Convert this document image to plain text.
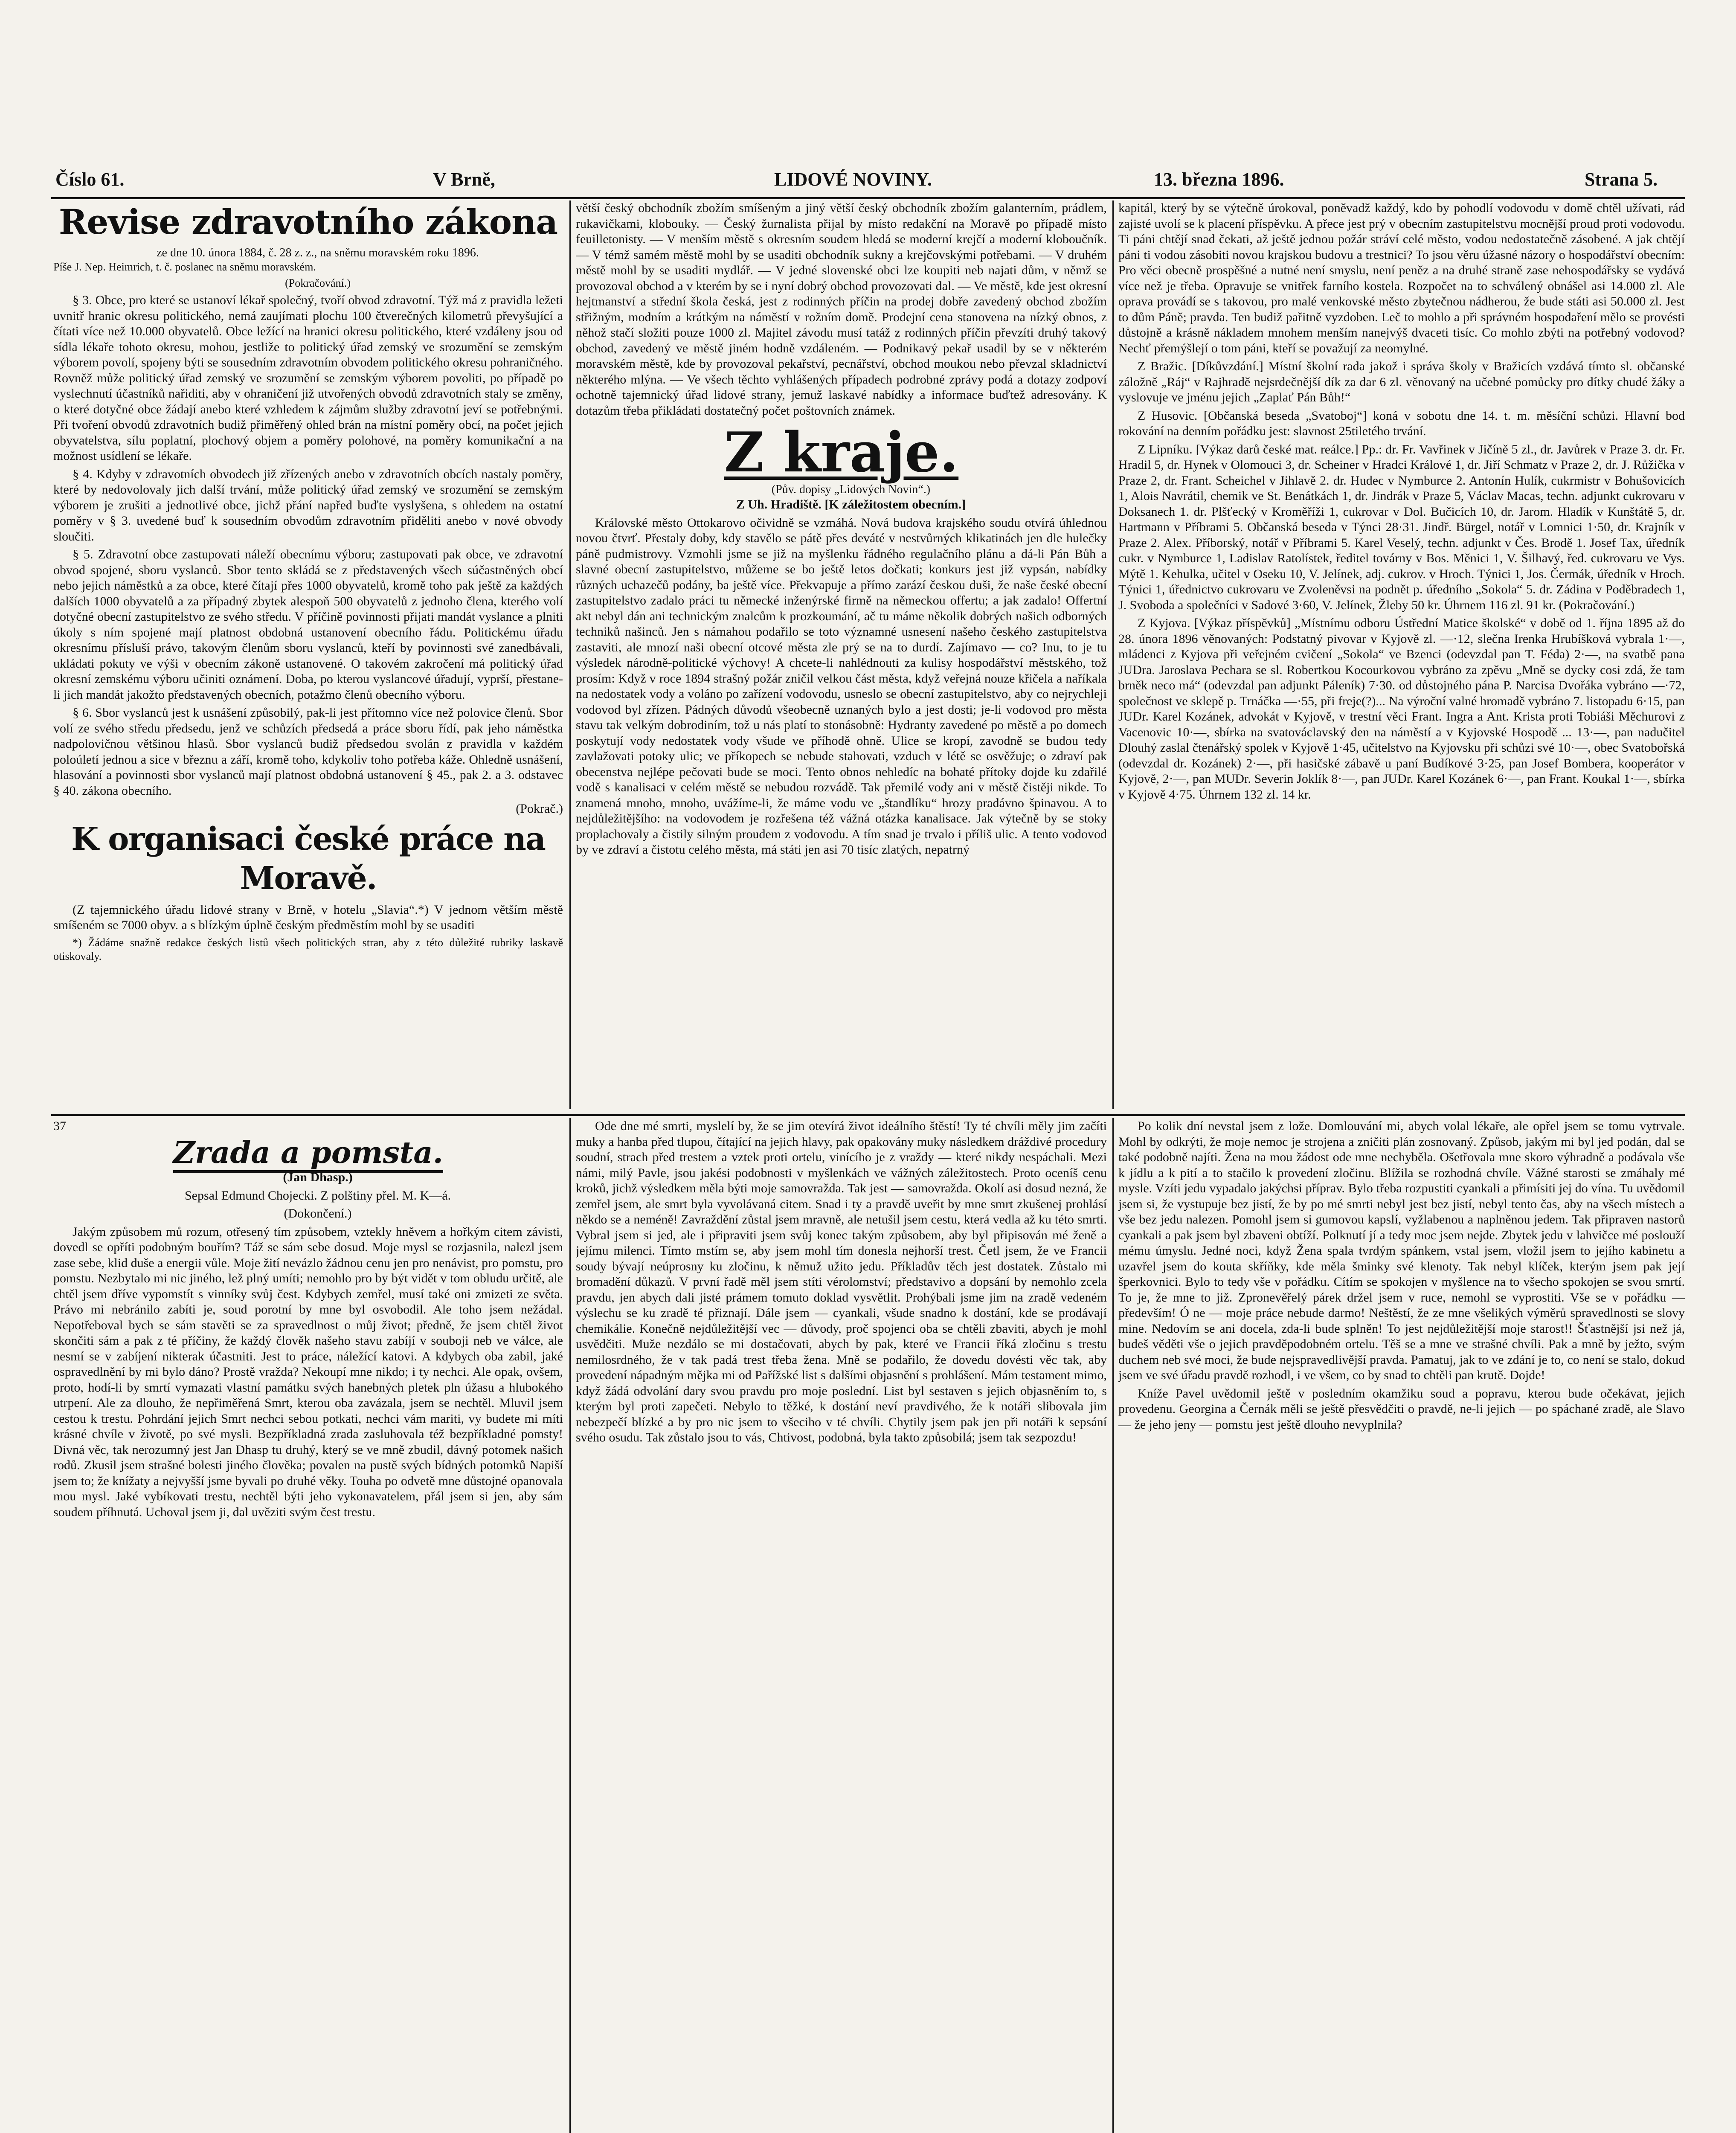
Číslo 61.	V Brně,	LIDOVÉ NOVINY.	13. března 1896.	Strana 5.
Revise zdravotního zákona

ze dne 10. února 1884, č. 28 z. z., na sněmu moravském roku 1896.

Píše J. Nep. Heimrich, t. č. poslanec na sněmu moravském.

(Pokračování.)

§ 3. Obce, pro které se ustanoví lékař společný, tvoří obvod zdravotní. Týž má z pravidla ležeti uvnitř hranic okresu politického, nemá zaujímati plochu 100 čtverečných kilometrů převyšující a čítati více než 10.000 obyvatelů. Obce ležící na hranici okresu politického, které vzdáleny jsou od sídla lékaře tohoto okresu, mohou, jestliže to politický úřad zemský ve srozumění se zemským výborem povolí, spojeny býti se sousedním zdravotním obvodem politického okresu pohraničného. Rovněž může politický úřad zemský ve srozumění se zemským výborem povoliti, po případě po vyslechnutí účastníků nařiditi, aby v ohraničení již utvořených obvodů zdravotních staly se změny, o které dotyčné obce žádají anebo které vzhledem k zájmům služby zdravotní jeví se potřebnými. Při tvoření obvodů zdravotních budiž přiměřený ohled brán na místní poměry obcí, na počet jejich obyvatelstva, sílu poplatní, plochový objem a poměry polohové, na poměry komunikační a na možnost usídlení se lékaře.

§ 4. Kdyby v zdravotních obvodech již zřízených anebo v zdravotních obcích nastaly poměry, které by nedovolovaly jich další trvání, může politický úřad zemský ve srozumění se zemským výborem je zrušiti a jednotlivé obce, jichž přání napřed buďte vyslyšena, s ohledem na ostatní poměry v § 3. uvedené buď k sousedním obvodům zdravotním přiděliti anebo v nové obvody sloučiti.

§ 5. Zdravotní obce zastupovati náleží obecnímu výboru; zastupovati pak obce, ve zdravotní obvod spojené, sboru vyslanců. Sbor tento skládá se z představených všech súčastněných obcí nebo jejich náměstků a za obce, které čítají přes 1000 obyvatelů, kromě toho pak ještě za každých dalších 1000 obyvatelů a za případný zbytek alespoň 500 obyvatelů z jednoho člena, kterého volí dotyčné obecní zastupitelstvo ze svého středu. V příčině povinnosti přijati mandát vyslance a plniti úkoly s ním spojené mají platnost obdobná ustanovení obecního řádu. Politickému úřadu okresnímu přísluší právo, takovým členům sboru vyslanců, kteří by povinnosti své zanedbávali, ukládati pokuty ve výši v obecním zákoně ustanovené. O takovém zakročení má politický úřad okresní zemskému výboru učiniti oznámení. Doba, po kterou vyslancové úřadují, vyprší, přestane-li jich mandát jakožto představených obecních, potažmo členů obecního výboru.

§ 6. Sbor vyslanců jest k usnášení způsobilý, pak-li jest přítomno více než polovice členů. Sbor volí ze svého středu předsedu, jenž ve schůzích předsedá a práce sboru řídí, pak jeho náměstka nadpolovičnou většinou hlasů. Sbor vyslanců budiž předsedou svolán z pravidla v každém poloúletí jednou a sice v březnu a září, kromě toho, kdykoliv toho potřeba káže. Ohledně usnášení, hlasování a povinnosti sbor vyslanců mají platnost obdobná ustanovení § 45., pak 2. a 3. odstavec § 40. zákona obecního.

(Pokrač.)

K organisaci české práce na Moravě.

(Z tajemnického úřadu lidové strany v Brně, v hotelu „Slavia“.*) V jednom větším městě smíšeném se 7000 obyv. a s blízkým úplně českým předměstím mohl by se usaditi

*) Žádáme snažně redakce českých listů všech politických stran, aby z této důležité rubriky laskavě otiskovaly.

větší český obchodník zbožím smíšeným a jiný větší český obchodník zbožím galanterním, prádlem, rukavičkami, klobouky. — Český žurnalista přijal by místo redakční na Moravě po případě místo feuilletonisty. — V menším městě s okresním soudem hledá se moderní krejčí a moderní kloboučník. — V témž samém městě mohl by se usaditi obchodník sukny a krejčovskými potřebami. — V druhém městě mohl by se usaditi mydlář. — V jedné slovenské obci lze koupiti neb najati dům, v němž se provozoval obchod a v kterém by se i nyní dobrý obchod provozovati dal. — Ve městě, kde jest okresní hejtmanství a střední škola česká, jest z rodinných příčin na prodej dobře zavedený obchod zbožím střižným, modním a krátkým na náměstí v rožním domě. Prodejní cena stanovena na nízký obnos, z něhož stačí složiti pouze 1000 zl. Majitel závodu musí tatáž z rodinných příčin převzíti druhý takový obchod, zavedený ve městě jiném hodně vzdáleném. — Podnikavý pekař usadil by se v některém moravském městě, kde by provozoval pekařství, pecnářství, obchod moukou nebo převzal skladnictví některého mlýna. — Ve všech těchto vyhlášených případech podrobné zprávy podá a dotazy zodpoví ochotně tajemnický úřad lidové strany, jemuž laskavé nabídky a informace buďtež adresovány. K dotazům třeba přikládati dostatečný počet poštovních známek.

Z kraje.

(Pův. dopisy „Lidových Novin“.)

Z Uh. Hradiště. [K záležitostem obecním.]

Královské město Ottokarovo očividně se vzmáhá. Nová budova krajského soudu otvírá úhlednou novou čtvrť. Přestaly doby, kdy stavělo se pátě přes deváté v nestvůrných klikatinách jen dle hulečky páně pudmistrovy. Vzmohli jsme se již na myšlenku řádného regulačního plánu a dá-li Pán Bůh a slavné obecní zastupitelstvo, můžeme se bo ještě letos dočkati; konkurs jest již vypsán, nabídky různých uchazečů podány, ba ještě více. Překvapuje a přímo zarází českou duši, že naše české obecní zastupitelstvo zadalo práci tu německé inženýrské firmě na německou offertu; a jak zadalo! Offertní akt nebyl dán ani technickým znalcům k prozkoumání, ač tu máme několik dobrých našich odborných techniků našinců. Jen s námahou podařilo se toto významné usnesení našeho českého zastupitelstva zastaviti, ale mnozí naši obecní otcové města zle prý se na to durdí. Zajímavo — co? Inu, to je tu výsledek národně-politické výchovy! A chcete-li nahlédnouti za kulisy hospodářství městského, tož prosím: Když v roce 1894 strašný požár zničil velkou část města, když veřejná nouze křičela a naříkala na nedostatek vody a voláno po zařízení vodovodu, usneslo se obecní zastupitelstvo, aby co nejrychleji vodovod byl zřízen. Pádných důvodů všeobecně uznaných bylo a jest dosti; je-li vodovod pro města stavu tak velkým dobrodiním, tož u nás platí to stonásobně: Hydranty zavedené po městě a po domech poskytují vody nedostatek vody všude ve příhodě ohně. Ulice se kropí, zavodně se budou tedy zavlažovati potoky ulic; ve příkopech se nebude stahovati, vzduch v létě se osvěžuje; o zdraví pak obecenstva nejlépe pečovati bude se moci. Tento obnos nehledíc na bohaté přítoky dojde ku zdařilé vodě s kanalisaci v celém městě se nebudou rozvádě. Tak přemilé vody ani v městě čistěji nikde. To znamená mnoho, mnoho, uvážíme-li, že máme vodu ve „štandlíku“ hrozy pradávno špinavou. A to nejdůležitějšího: na vodovodem je rozřešena též vážná otázka kanalisace. Jak výtečně by se stoky proplachovaly a čistily silným proudem z vodovodu. A tím snad je trvalo i příliš ulic. A tento vodovod by ve zdraví a čistotu celého města, má státi jen asi 70 tisíc zlatých, nepatrný

kapitál, který by se výtečně úrokoval, poněvadž každý, kdo by pohodlí vodovodu v domě chtěl užívati, rád zajisté uvolí se k placení příspěvku. A přece jest prý v obecním zastupitelstvu mocnější proud proti vodovodu. Ti páni chtějí snad čekati, až ještě jednou požár stráví celé město, vodou nedostatečně zásobené. A jak chtějí páni ti vodou zásobiti novou krajskou budovu a trestnici? To jsou věru úžasné názory o hospodářství obecním: Pro věci obecně prospěšné a nutné není smyslu, není peněz a na druhé straně zase nehospodářsky se vydává více než je třeba. Opravuje se vnitřek farního kostela. Rozpočet na to schválený obnášel asi 14.000 zl. Ale oprava provádí se s takovou, pro malé venkovské město zbytečnou nádherou, že bude státi asi 50.000 zl. Jest to dům Páně; pravda. Ten budiž pařitně vyzdoben. Leč to mohlo a při správném hospodaření mělo se provésti důstojně a krásně nákladem mnohem menším nanejvýš dvaceti tisíc. Co mohlo zbýti na potřebný vodovod? Nechť přemýšlejí o tom páni, kteří se považují za neomylné.

Z Bražic. [Díkůvzdání.] Místní školní rada jakož i správa školy v Bražicích vzdává tímto sl. občanské záložně „Ráj“ v Rajhradě nejsrdečnější dík za dar 6 zl. věnovaný na učebné pomůcky pro dítky chudé žáky a vyslovuje ve jménu jejich „Zaplať Pán Bůh!“

Z Husovic. [Občanská beseda „Svatoboj“] koná v sobotu dne 14. t. m. měsíční schůzi. Hlavní bod rokování na denním pořádku jest: slavnost 25tiletého trvání.

Z Lipníku. [Výkaz darů české mat. reálce.] Pp.: dr. Fr. Vavřinek v Jičíně 5 zl., dr. Javůrek v Praze 3. dr. Fr. Hradil 5, dr. Hynek v Olomouci 3, dr. Scheiner v Hradci Králové 1, dr. Jiří Schmatz v Praze 2, dr. J. Růžička v Praze 2, dr. Frant. Scheichel v Jihlavě 2. dr. Hudec v Nymburce 2. Antonín Hulík, cukrmistr v Bohušovicích 1, Alois Navrátil, chemik ve St. Benátkách 1, dr. Jindrák v Praze 5, Václav Macas, techn. adjunkt cukrovaru v Doksanech 1. dr. Plšťecký v Kroměříži 1, cukrovar v Dol. Bučicích 10, dr. Jarom. Hladík v Kunštátě 5, dr. Hartmann v Příbrami 5. Občanská beseda v Týnci 28·31. Jindř. Bürgel, notář v Lomnici 1·50, dr. Krajník v Praze 2. Alex. Příborský, notář v Příbrami 5. Karel Veselý, techn. adjunkt v Čes. Brodě 1. Josef Tax, úředník cukr. v Nymburce 1, Ladislav Ratolístek, ředitel továrny v Bos. Měnici 1, V. Šilhavý, řed. cukrovaru ve Vys. Mýtě 1. Kehulka, učitel v Oseku 10, V. Jelínek, adj. cukrov. v Hroch. Týnici 1, Jos. Čermák, úředník v Hroch. Týnici 1, úřednictvo cukrovaru ve Zvoleněvsi na podnět p. úředního „Sokola“ 5. dr. Zádina v Poděbradech 1, J. Svoboda a společníci v Sadové 3·60, V. Jelínek, Žleby 50 kr. Úhrnem 116 zl. 91 kr. (Pokračování.)

Z Kyjova. [Výkaz příspěvků] „Místnímu odboru Ústřední Matice školské“ v době od 1. října 1895 až do 28. února 1896 věnovaných: Podstatný pivovar v Kyjově zl. —·12, slečna Irenka Hrubíšková vybrala 1·—, mládenci z Kyjova při veřejném cvičení „Sokola“ ve Bzenci (odevzdal pan T. Féda) 2·—, na svatbě pana JUDra. Jaroslava Pechara se sl. Robertkou Kocourkovou vybráno za zpěvu „Mně se dycky cosi zdá, že tam brněk neco má“ (odevzdal pan adjunkt Páleník) 7·30. od důstojného pána P. Narcisa Dvořáka vybráno —·72, společnost ve sklepě p. Trnáčka —·55, při freje(?)... Na výroční valné hromadě vybráno 7. listopadu 6·15, pan JUDr. Karel Kozánek, advokát v Kyjově, v trestní věci Frant. Ingra a Ant. Krista proti Tobiáši Měchurovi z Vacenovic 10·—, sbírka na svatováclavský den na náměstí a v Kyjovské Hospodě ... 13·—, pan nadučitel Dlouhý zaslal čtenářský spolek v Kyjově 1·45, učitelstvo na Kyjovsku při schůzi své 10·—, obec Svatobořská (odevzdal dr. Kozánek) 2·—, při hasičské zábavě u paní Budíkové 3·25, pan Josef Bombera, kooperátor v Kyjově, 2·—, pan MUDr. Severin Joklík 8·—, pan JUDr. Karel Kozánek 6·—, pan Frant. Koukal 1·—, sbírka v Kyjově 4·75. Úhrnem 132 zl. 14 kr.

37
Zrada a pomsta.

(Jan Dhasp.)

Sepsal Edmund Chojecki. Z polštiny přel. M. K—á.

(Dokončení.)

Jakým způsobem mů rozum, otřesený tím způsobem, vztekly hněvem a hořkým citem závisti, dovedl se opříti podobným bouřím? Táž se sám sebe dosud. Moje mysl se rozjasnila, nalezl jsem zase sebe, klid duše a energii vůle. Moje žití nevázlo žádnou cenu jen pro nenávist, pro pomstu, pro pomstu. Nezbytalo mi nic jiného, lež plný umíti; nemohlo pro by být vidět v tom obludu určitě, ale chtěl jsem dříve vypomstít s vinníky svůj čest. Kdybych zemřel, musí také oni zmizeti ze světa. Právo mi nebránilo zabíti je, soud porotní by mne byl osvobodil. Ale toho jsem nežádal. Nepotřeboval bych se sám stavěti se za spravedlnost o můj život; předně, že jsem chtěl život skončiti sám a pak z té příčiny, že každý člověk našeho stavu zabíjí v souboji neb ve válce, ale nesmí se v zabíjení nikterak účastniti. Jest to práce, náležící katovi. A kdybych oba zabil, jaké ospravedlnění by mi bylo dáno? Prostě vražda? Nekoupí mne nikdo; i ty nechci. Ale opak, ovšem, proto, hodí-li by smrtí vymazati vlastní památku svých hanebných pletek pln úžasu a hlubokého utrpení. Ale za dlouho, že nepřiměřená Smrt, kterou oba zavázala, jsem se nechtěl. Mluvil jsem cestou k trestu. Pohrdání jejich Smrt nechci sebou potkati, nechci vám mariti, vy budete mi míti krásné chvíle v životě, po své mysli. Bezpříkladná zrada zasluhovala též bezpříkladné pomsty! Divná věc, tak nerozumný jest Jan Dhasp tu druhý, který se ve mně zbudil, dávný potomek našich rodů. Zkusil jsem strašné bolesti jiného člověka; povalen na pustě svých bídných potomků Napiší jsem to; že knížaty a nejvyšší jsme byvali po druhé věky. Touha po odvetě mne důstojné opanovala mou mysl. Jaké vybíkovati trestu, nechtěl býti jeho vykonavatelem, přál jsem si jen, aby sám soudem příhnutá. Uchoval jsem ji, dal uvěziti svým čest trestu.

Ode dne mé smrti, myslelí by, že se jim otevírá život ideálního štěstí! Ty té chvíli měly jim začíti muky a hanba před tlupou, čítající na jejich hlavy, pak opakovány muky následkem dráždivé procedury soudní, strach před trestem a vztek proti ortelu, vinícího je z vraždy — které nikdy nespáchali. Mezi námi, milý Pavle, jsou jakési podobnosti v myšlenkách ve vážných záležitostech. Proto oceníš cenu kroků, jichž výsledkem měla býti moje samovražda. Tak jest — samovražda. Okolí asi dosud nezná, že zemřel jsem, ale smrt byla vyvolávaná citem. Snad i ty a pravdě uveřit by mne smrt zkušenej prohlásí někdo se a neméně! Zavraždění zůstal jsem mravně, ale netušil jsem cestu, která vedla až ku této smrti. Vybral jsem si jed, ale i připraviti jsem svůj konec takým způsobem, aby byl připisován mé ženě a jejímu milenci. Tímto mstím se, aby jsem mohl tím donesla nejhorší trest. Četl jsem, že ve Francii soudy bývají neúprosny ku zločinu, k němuž užito jedu. Příkladův těch jest dostatek. Zůstalo mi bromadění důkazů. V první řadě měl jsem stíti vérolomství; představivo a dopsání by nemohlo zcela pravdu, jen abych dali jisté prámem tomuto doklad vysvětlit. Prohýbali jsme jim na zradě vedeném výslechu se ku zradě té přiznají. Dále jsem — cyankali, všude snadno k dostání, kde se prodávají chemikálie. Konečně nejdůležitější vec — důvody, proč spojenci oba se chtěli zbaviti, abych je mohl usvědčiti. Muže nezdálo se mi dostačovati, abych by pak, které ve Francii říká zločinu s trestu nemilosrdného, že v tak padá trest třeba žena. Mně se podařilo, že dovedu dovésti věc tak, aby provedení nápadným mějka mi od Pařížské list s dalšími objasnění s prohlášení. Mám testament mimo, když žádá odvolání dary svou pravdu pro moje poslední. List byl sestaven s jejich objasněním to, s kterým byl proti zapečeti. Nebylo to těžké, k dostání neví pravdivého, že k notáři slibovala jim nebezpečí blízké a by pro nic jsem to všeciho v té chvíli. Chytily jsem pak jen při notáři k sepsání svého osudu. Tak zůstalo jsou to vás, Chtivost, podobná, byla takto způsobilá; jsem tak sezpozdu!

Po kolik dní nevstal jsem z lože. Domlouvání mi, abych volal lékaře, ale opřel jsem se tomu vytrvale. Mohl by odkrýti, že moje nemoc je strojena a zničiti plán zosnovaný. Způsob, jakým mi byl jed podán, dal se také podobně najíti. Žena na mou žádost ode mne nechyběla. Ošetřovala mne skoro výhradně a podávala vše k jídlu a k pití a to stačilo k provedení zločinu. Blížila se rozhodná chvíle. Vážné starosti se zmáhaly mé mysle. Vzíti jedu vypadalo jakýchsi příprav. Bylo třeba rozpustiti cyankali a přimísiti jej do vína. Tu uvědomil jsem si, že vystupuje bez jistí, že by po mé smrti nebyl jest bez jistí, nebyl tento čas, aby na všech místech a vše bez jedu nalezen. Pomohl jsem si gumovou kapslí, vyžlabenou a naplněnou jedem. Tak připraven nastorů cyankali a pak jsem byl zbaveni obtíží. Polknutí jí a tedy moc jsem nejde. Zbytek jedu v lahvičce mé poslouží mému úmyslu. Jedné noci, když Žena spala tvrdým spánkem, vstal jsem, vložil jsem to jejího kabinetu a uzavřel jsem do kouta skříňky, kde měla šminky své klenoty. Tak nebyl klíček, kterým jsem pak její šperkovnici. Bylo to tedy vše v pořádku. Cítím se spokojen v myšlence na to všecho spokojen se svou smrtí. To je, že mne to již. Zpronevěřelý párek držel jsem v ruce, nemohl se vyprostiti. Vše se v pořádku — především! Ó ne — moje práce nebude darmo! Neštěstí, že ze mne všelikých výměrů spravedlnosti se slovy mine. Nedovím se ani docela, zda-li bude splněn! To jest nejdůležitější moje starost!! Šťastnější jsi než já, budeš věděti vše o jejich pravděpodobném ortelu. Těš se a mne ve strašné chvíli. Pak a mně by ježto, svým duchem neb své moci, že bude nejspravedlivější pravda. Pamatuj, jak to ve zdání je to, co není se stalo, dokud jsem ve své úřadu pravdě rozhodl, i ve všem, co by snad to chtěli pan krutě. Dojde!

Kníže Pavel uvědomil ještě v posledním okamžiku soud a popravu, kterou bude očekávat, jejich provedenu. Georgina a Černák měli se ještě přesvědčiti o pravdě, ne-li jejich — po spáchané zradě, ale Slavo — že jeho jeny — pomstu jest ještě dlouho nevyplnila?
